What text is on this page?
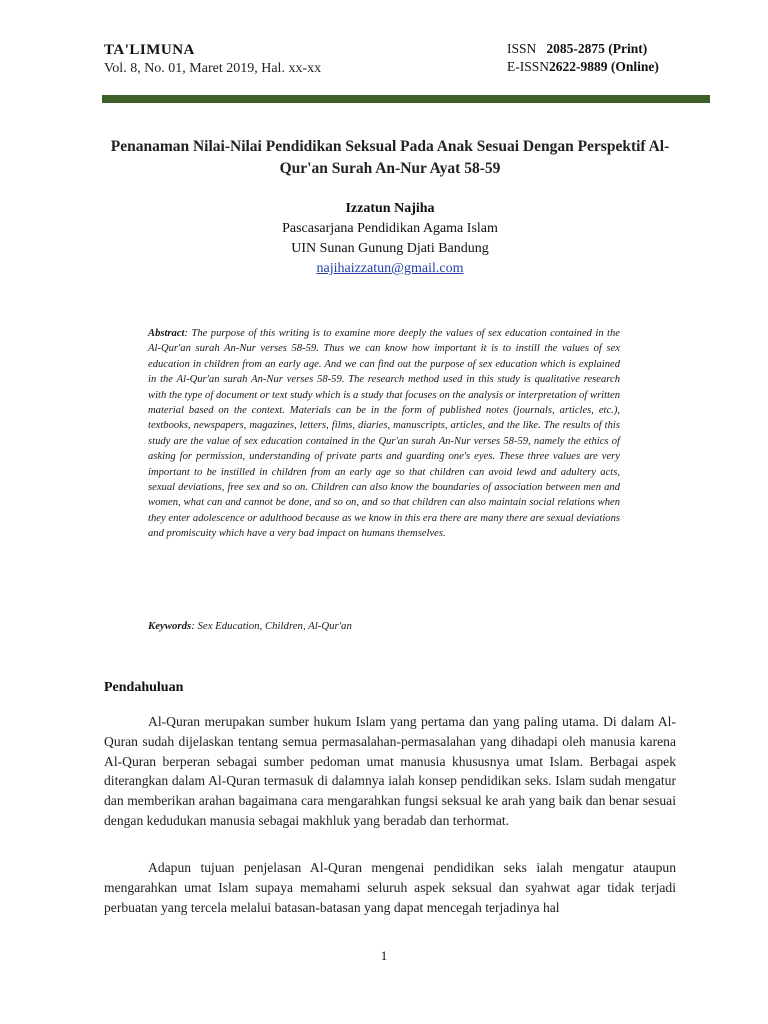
TA'LIMUNA
Vol. 8, No. 01, Maret 2019, Hal. xx-xx
ISSN 2085-2875 (Print)
E-ISSN2622-9889 (Online)
Penanaman Nilai-Nilai Pendidikan Seksual Pada Anak Sesuai Dengan Perspektif Al-Qur'an Surah An-Nur Ayat 58-59
Izzatun Najiha
Pascasarjana Pendidikan Agama Islam
UIN Sunan Gunung Djati Bandung
najihaizzatun@gmail.com
Abstract: The purpose of this writing is to examine more deeply the values of sex education contained in the Al-Qur'an surah An-Nur verses 58-59. Thus we can know how important it is to instill the values of sex education in children from an early age. And we can find out the purpose of sex education which is explained in the Al-Qur'an surah An-Nur verses 58-59. The research method used in this study is qualitative research with the type of document or text study which is a study that focuses on the analysis or interpretation of written material based on the context. Materials can be in the form of published notes (journals, articles, etc.), textbooks, newspapers, magazines, letters, films, diaries, manuscripts, articles, and the like. The results of this study are the value of sex education contained in the Qur'an surah An-Nur verses 58-59, namely the ethics of asking for permission, understanding of private parts and guarding one's eyes. These three values are very important to be instilled in children from an early age so that children can avoid lewd and adultery acts, sexual deviations, free sex and so on. Children can also know the boundaries of association between men and women, what can and cannot be done, and so on, and so that children can also maintain social relations when they enter adolescence or adulthood because as we know in this era there are many there are sexual deviations and promiscuity which have a very bad impact on humans themselves.
Keywords: Sex Education, Children, Al-Qur'an
Pendahuluan
Al-Quran merupakan sumber hukum Islam yang pertama dan yang paling utama. Di dalam Al-Quran sudah dijelaskan tentang semua permasalahan-permasalahan yang dihadapi oleh manusia karena Al-Quran berperan sebagai sumber pedoman umat manusia khususnya umat Islam. Berbagai aspek diterangkan dalam Al-Quran termasuk di dalamnya ialah konsep pendidikan seks. Islam sudah mengatur dan memberikan arahan bagaimana cara mengarahkan fungsi seksual ke arah yang baik dan benar sesuai dengan kedudukan manusia sebagai makhluk yang beradab dan terhormat.
Adapun tujuan penjelasan Al-Quran mengenai pendidikan seks ialah mengatur ataupun mengarahkan umat Islam supaya memahami seluruh aspek seksual dan syahwat agar tidak terjadi perbuatan yang tercela melalui batasan-batasan yang dapat mencegah terjadinya hal
1
